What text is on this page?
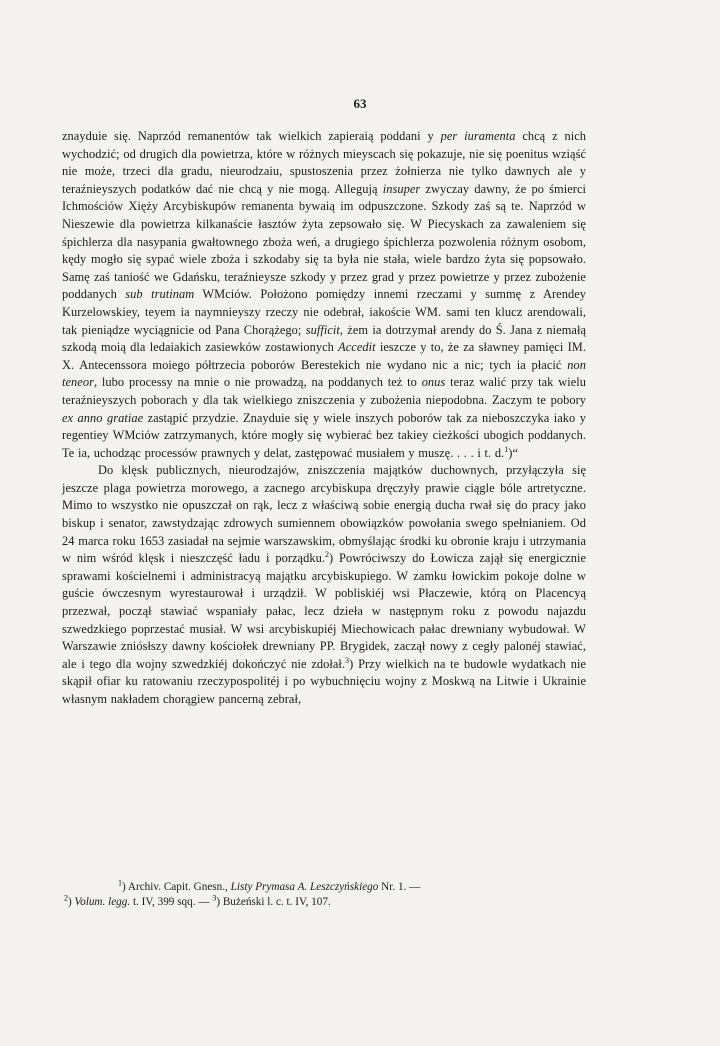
63

znayduie się. Naprzód remanentów tak wielkich zapieraią poddani y per iuramenta chcą z nich wychodzić; od drugich dla powietrza, które w różnych mieyscach się pokazuje, nie się poenitus wziąść nie może, trzeci dla gradu, nieurodzaiu, spustoszenia przez żołnierza nie tylko dawnych ale y teraźnieyszych podatków dać nie chcą y nie mogą. Allegują insuper zwyczay dawny, że po śmierci Ichmościów Xięży Arcybiskupów remanenta bywaią im odpuszczone. Szkody zaś są te. Naprzód w Nieszewie dla powietrza kilkanaście łasztów żyta zepsowało się. W Piecyskach za zawaleniem się śpichlerza dla nasypania gwałtownego zboża weń, a drugiego śpichlerza pozwolenia różnym osobom, kędy mogło się sypać wiele zboża i szkodaby się ta była nie stała, wiele bardzo żyta się popsowało. Samę zaś taniość we Gdańsku, teraźnieysze szkody y przez grad y przez powietrze y przez zubożenie poddanych sub trutinam WMciów. Położono pomiędzy innemi rzeczami y summę z Arendey Kurzelowskiey, teyem ia naymnieyszy rzeczy nie odebrał, iakoście WM. sami ten klucz arendowali, tak pieniądze wyciągnicie od Pana Chorążego; sufficit, żem ia dotrzymał arendy do Ś. Jana z niemałą szkodą moią dla ledaiakich zasiewków zostawionych Accedit ieszcze y to, że za sławney pamięci IM. X. Antecenssora moiego półtrzecia poborów Berestekich nie wydano nic a nic; tych ia płacić non teneor, lubo processy na mnie o nie prowadzą, na poddanych też to onus teraz walić przy tak wielu teraźnieyszych poborach y dla tak wielkiego zniszczenia y zubożenia niepodobna. Zaczym te pobory ex anno gratiae zastąpić przydzie. Znayduie się y wiele inszych poborów tak za nieboszczyka iako y regentiey WMciów zatrzymanych, które mogły się wybierać bez takiey cieżkości ubogich poddanych. Te ia, uchodząc processów prawnych y delat, zastępować musiałem y muszę. . . . i t. d.$^1$)“

Do klęsk publicznych, nieurodzajów, zniszczenia majątków duchownych, przyłączyła się jeszcze plaga powietrza morowego, a zacnego arcybiskupa dręczyły prawie ciągle bóle artretyczne. Mimo to wszystko nie opuszczał on rąk, lecz z właściwą sobie energią ducha rwał się do pracy jako biskup i senator, zawstydzając zdrowych sumiennem obowiązków powołania swego spełnianiem. Od 24 marca roku 1653 zasiadał na sejmie warszawskim, obmyślając środki ku obronie kraju i utrzymania w nim wśród klęsk i nieszczęść ładu i porządku.$^2$) Powróciwszy do Łowicza zajął się energicznie sprawami kościelnemi i administracyą majątku arcybiskupiego. W zamku łowickim pokoje dolne w guście ówczesnym wyrestaurował i urządził. W pobliskiéj wsi Płaczewie, którą on Placencyą przezwał, począł stawiać wspaniały pałac, lecz dzieła w następnym roku z powodu najazdu szwedzkiego poprzestać musiał. W wsi arcybiskupiéj Miechowicach pałac drewniany wybudował. W Warszawie zniósłszy dawny kościołek drewniany PP. Brygidek, zaczął nowy z cegły palonéj stawiać, ale i tego dla wojny szwedzkiéj dokończyć nie zdołał.$^3$) Przy wielkich na te budowle wydatkach nie skąpił ofiar ku ratowaniu rzeczypospolitéj i po wybuchnięciu wojny z Moskwą na Litwie i Ukrainie własnym nakładem chorągiew pancerną zebrał,

$^1$) Archiv. Capit. Gnesn., Listy Prymasa A. Leszczyńskiego Nr. 1. —

$^2$) Volum. legg. t. IV, 399 sqq. — $^3$) Bużeński l. c. t. IV, 107.
